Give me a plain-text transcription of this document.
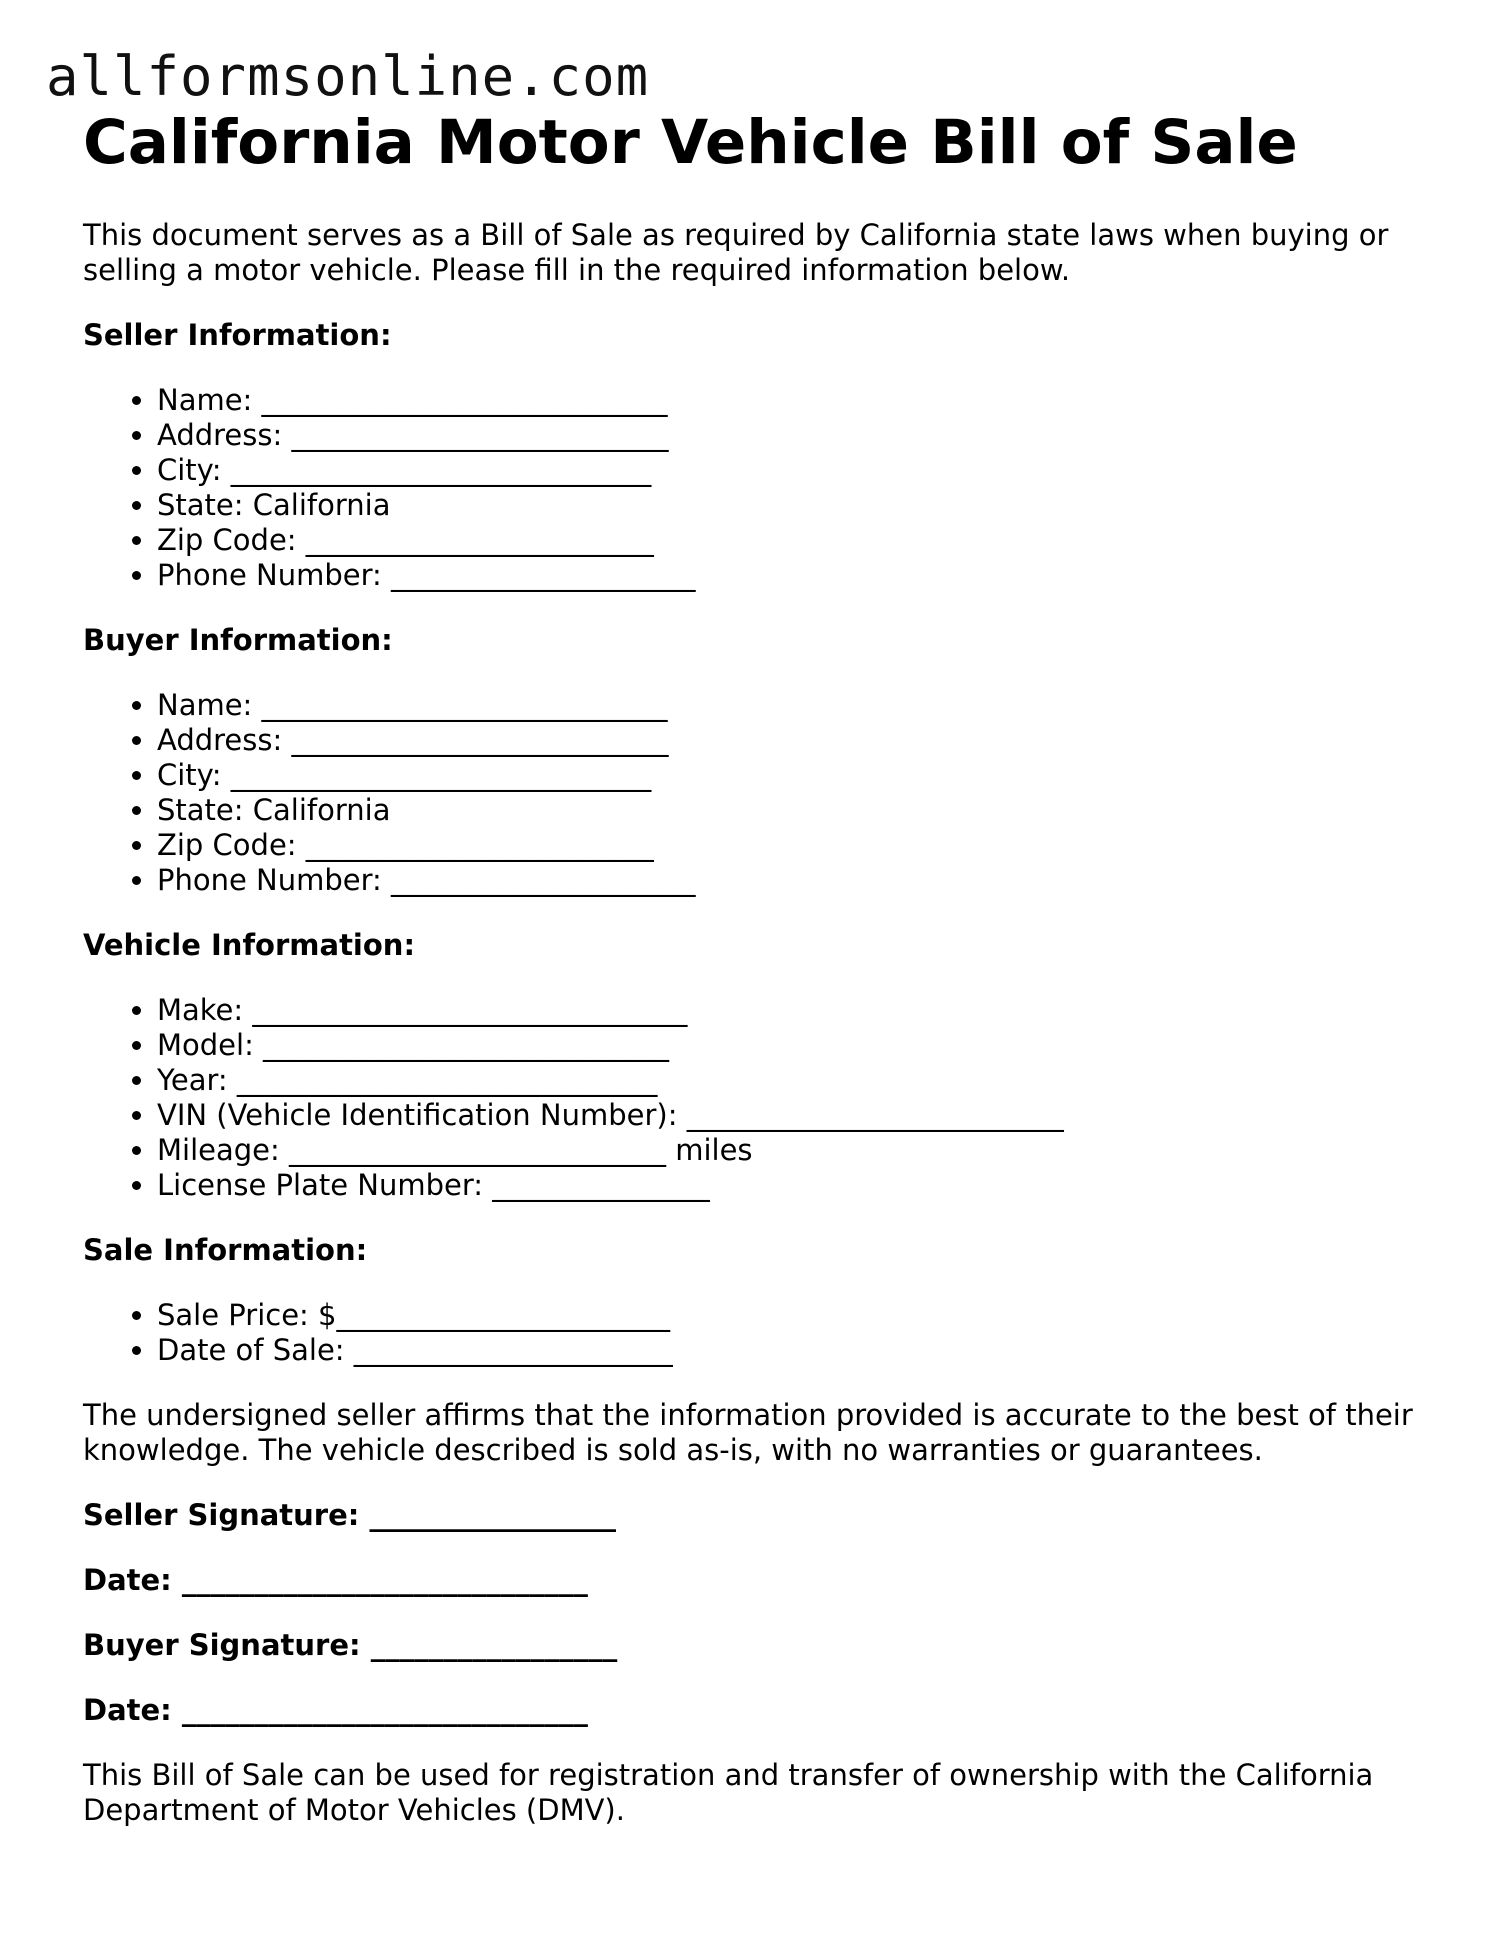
allformsonline.com
California Motor Vehicle Bill of Sale

This document serves as a Bill of Sale as required by California state laws when buying or selling a motor vehicle. Please fill in the required information below.

Seller Information:
• Name: ____________________________
• Address: __________________________
• City: _____________________________
• State: California
• Zip Code: ________________________
• Phone Number: _____________________
Buyer Information:
• Name: ____________________________
• Address: __________________________
• City: _____________________________
• State: California
• Zip Code: ________________________
• Phone Number: _____________________
Vehicle Information:
• Make: ______________________________
• Model: ____________________________
• Year: _____________________________
• VIN (Vehicle Identification Number): __________________________
• Mileage: __________________________ miles
• License Plate Number: _______________
Sale Information:
• Sale Price: $_______________________
• Date of Sale: ______________________

The undersigned seller affirms that the information provided is accurate to the best of their knowledge. The vehicle described is sold as-is, with no warranties or guarantees.

Seller Signature: _________________
Date: ____________________________
Buyer Signature: _________________
Date: ____________________________

This Bill of Sale can be used for registration and transfer of ownership with the California Department of Motor Vehicles (DMV).
